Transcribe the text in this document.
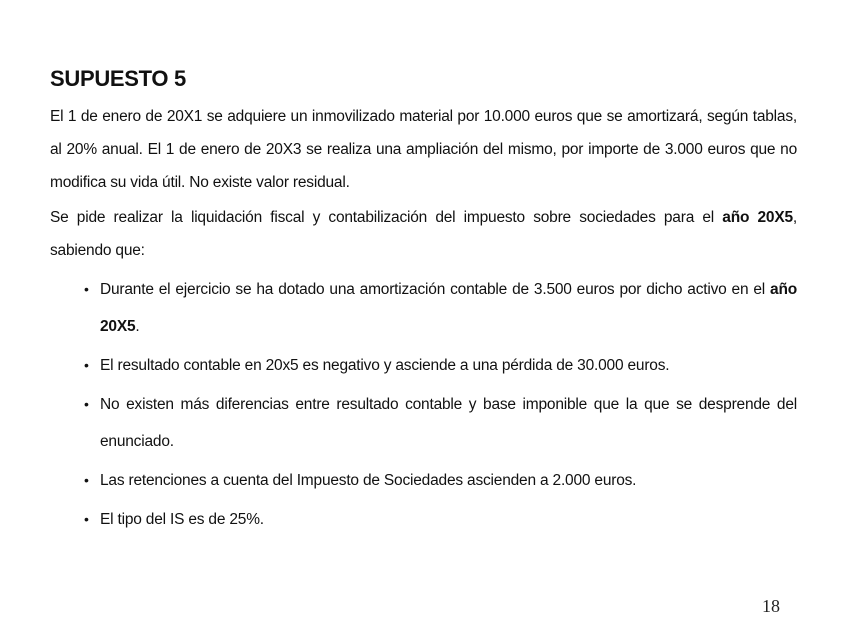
SUPUESTO 5

El 1 de enero de 20X1 se adquiere un inmovilizado material por 10.000 euros que se amortizará, según tablas, al 20% anual. El 1 de enero de 20X3 se realiza una ampliación del mismo, por importe de 3.000 euros que no modifica su vida útil. No existe valor residual.

Se pide realizar la liquidación fiscal y contabilización del impuesto sobre sociedades para el año 20X5, sabiendo que:

• Durante el ejercicio se ha dotado una amortización contable de 3.500 euros por dicho activo en el año 20X5.
• El resultado contable en 20x5 es negativo y asciende a una pérdida de 30.000 euros.
• No existen más diferencias entre resultado contable y base imponible que la que se desprende del enunciado.
• Las retenciones a cuenta del Impuesto de Sociedades ascienden a 2.000 euros.
• El tipo del IS es de 25%.
18
